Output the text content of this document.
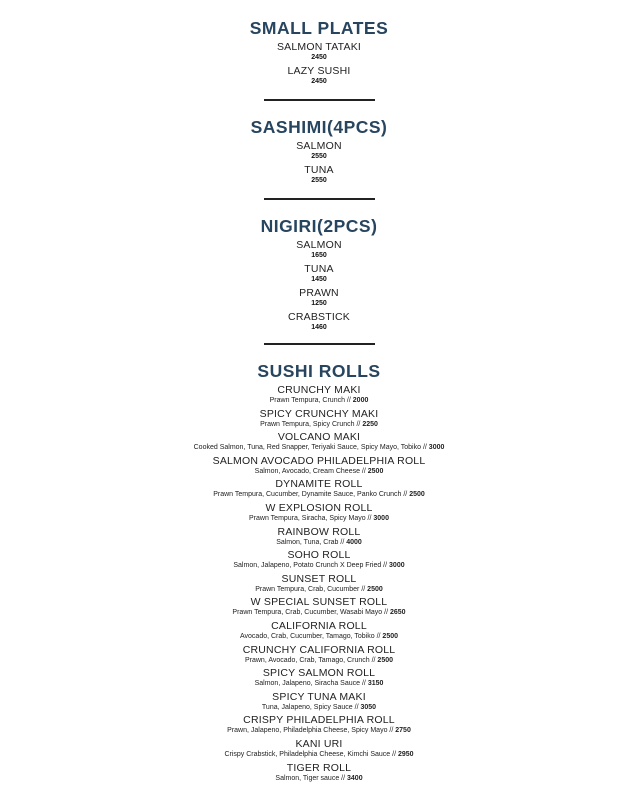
SMALL PLATES
SALMON TATAKI
2450
LAZY SUSHI
2450
SASHIMI(4PCS)
SALMON
2550
TUNA
2550
NIGIRI(2PCS)
SALMON
1650
TUNA
1450
PRAWN
1250
CRABSTICK
1460
SUSHI ROLLS
CRUNCHY MAKI
Prawn Tempura, Crunch // 2000
SPICY CRUNCHY MAKI
Prawn Tempura, Spicy Crunch // 2250
VOLCANO MAKI
Cooked Salmon, Tuna, Red Snapper, Teriyaki Sauce, Spicy Mayo, Tobiko // 3000
SALMON AVOCADO PHILADELPHIA ROLL
Salmon, Avocado, Cream Cheese // 2500
DYNAMITE ROLL
Prawn Tempura, Cucumber, Dynamite Sauce, Panko Crunch // 2500
W EXPLOSION ROLL
Prawn Tempura, Siracha, Spicy Mayo // 3000
RAINBOW ROLL
Salmon, Tuna, Crab // 4000
SOHO ROLL
Salmon, Jalapeno, Potato Crunch X Deep Fried // 3000
SUNSET ROLL
Prawn Tempura, Crab, Cucumber // 2500
W SPECIAL SUNSET ROLL
Prawn Tempura, Crab, Cucumber, Wasabi Mayo // 2650
CALIFORNIA ROLL
Avocado, Crab, Cucumber, Tamago, Tobiko // 2500
CRUNCHY CALIFORNIA ROLL
Prawn, Avocado, Crab, Tamago, Crunch // 2500
SPICY SALMON ROLL
Salmon, Jalapeno, Siracha Sauce // 3150
SPICY TUNA MAKI
Tuna, Jalapeno, Spicy Sauce // 3050
CRISPY PHILADELPHIA ROLL
Prawn, Jalapeno, Philadelphia Cheese, Spicy Mayo // 2750
KANI URI
Crispy Crabstick, Philadelphia Cheese, Kimchi Sauce // 2950
TIGER ROLL
Salmon, Tiger sauce // 3400
